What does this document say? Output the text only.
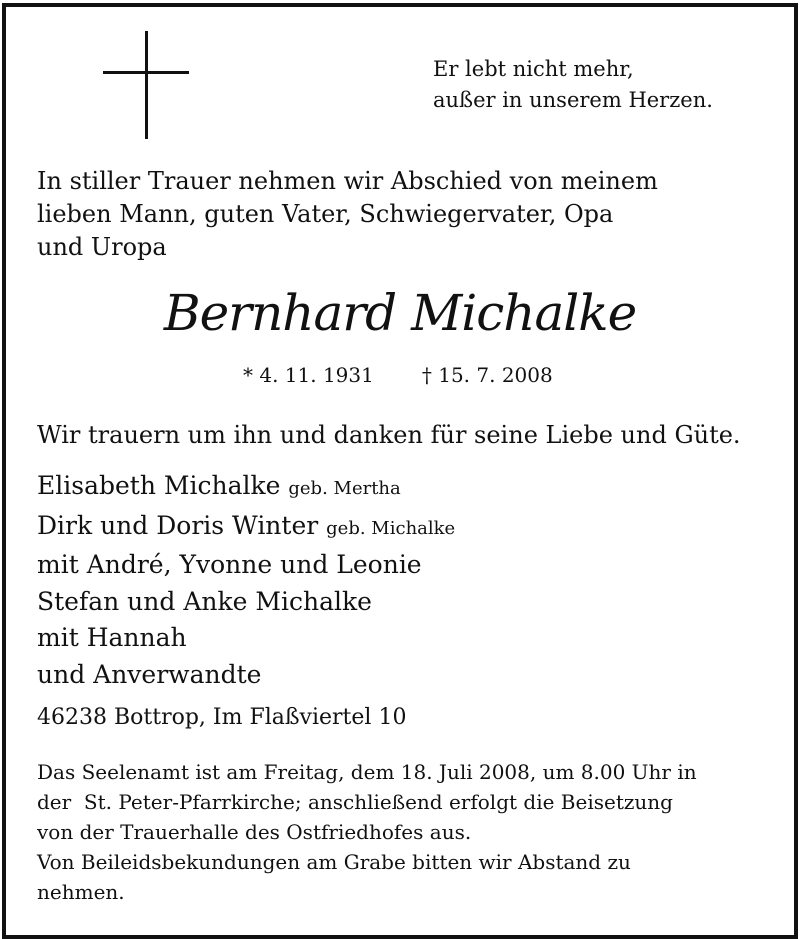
Er lebt nicht mehr,
außer in unserem Herzen.
In stiller Trauer nehmen wir Abschied von meinem
lieben Mann, guten Vater, Schwiegervater, Opa
und Uropa
Bernhard Michalke
* 4. 11. 1931 † 15. 7. 2008
Wir trauern um ihn und danken für seine Liebe und Güte.
Elisabeth Michalke geb. Mertha
Dirk und Doris Winter geb. Michalke
mit André, Yvonne und Leonie
Stefan und Anke Michalke
mit Hannah
und Anverwandte
46238 Bottrop, Im Flaßviertel 10
Das Seelenamt ist am Freitag, dem 18. Juli 2008, um 8.00 Uhr in
der  St. Peter-Pfarrkirche; anschließend erfolgt die Beisetzung
von der Trauerhalle des Ostfriedhofes aus.
Von Beileidsbekundungen am Grabe bitten wir Abstand zu
nehmen.
